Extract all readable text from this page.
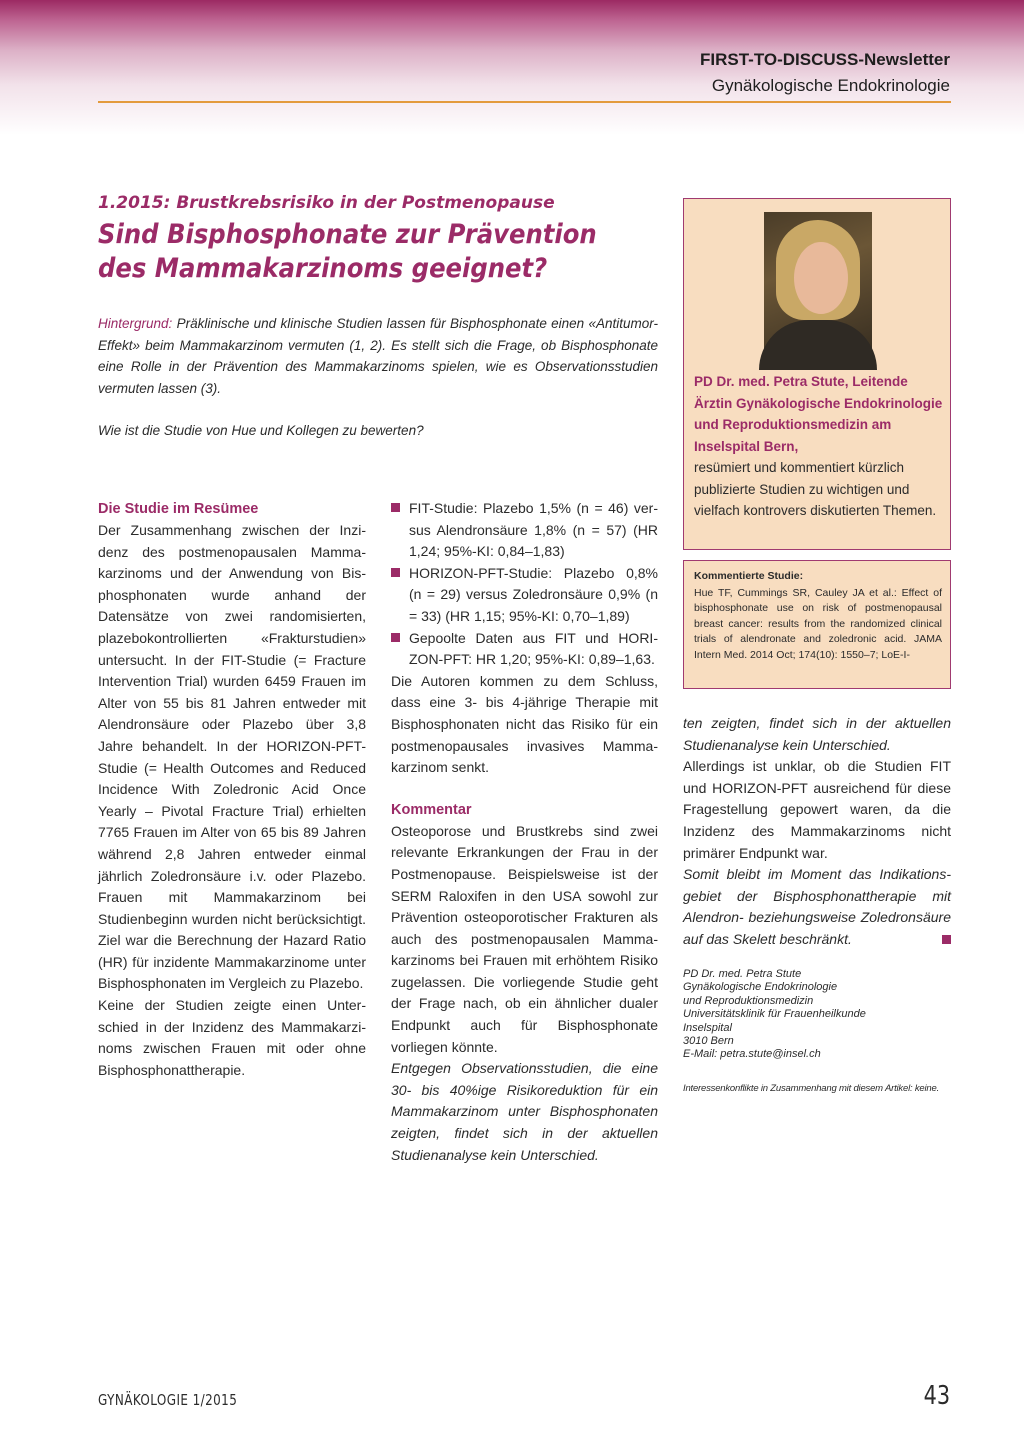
FIRST-TO-DISCUSS-Newsletter
Gynäkologische Endokrinologie
1.2015: Brustkrebsrisiko in der Postmenopause
Sind Bisphosphonate zur Prävention
des Mammakarzinoms geeignet?
Hintergrund: Präklinische und klinische Studien lassen für Bisphosphonate einen «Antitumor-Effekt» beim Mammakarzinom vermuten (1, 2). Es stellt sich die Frage, ob Bisphosphonate eine Rolle in der Prävention des Mammakarzinoms spielen, wie es Observationsstudien vermuten lassen (3).
Wie ist die Studie von Hue und Kollegen zu bewerten?
Die Studie im Resümee

Der Zusammenhang zwischen der Inzidenz des postmenopausalen Mammakarzinoms und der Anwendung von Bisphosphonaten wurde anhand der Datensätze von zwei randomisierten, plazebokontrollierten «Frakturstudien» untersucht. In der FIT-Studie (= Fracture Intervention Trial) wurden 6459 Frauen im Alter von 55 bis 81 Jahren entweder mit Alendronsäure oder Plazebo über 3,8 Jahre behandelt. In der HORIZON-PFT-Studie (= Health Outcomes and Reduced Incidence With Zoledronic Acid Once Yearly – Pivotal Fracture Trial) erhielten 7765 Frauen im Alter von 65 bis 89 Jahren während 2,8 Jahren entweder einmal jährlich Zoledronsäure i.v. oder Plazebo. Frauen mit Mammakarzinom bei Studienbeginn wurden nicht berücksichtigt. Ziel war die Berechnung der Hazard Ratio (HR) für inzidente Mammakarzinome unter Bisphosphonaten im Vergleich zu Plazebo.

Keine der Studien zeigte einen Unterschied in der Inzidenz des Mammakarzinoms zwischen Frauen mit oder ohne Bisphosphonattherapie.

FIT-Studie: Plazebo 1,5% (n = 46) versus Alendronsäure 1,8% (n = 57) (HR 1,24; 95%-KI: 0,84–1,83)
HORIZON-PFT-Studie: Plazebo 0,8% (n = 29) versus Zoledronsäure 0,9% (n = 33) (HR 1,15; 95%-KI: 0,70–1,89)
Gepoolte Daten aus FIT und HORIZON-PFT: HR 1,20; 95%-KI: 0,89–1,63.

Die Autoren kommen zu dem Schluss, dass eine 3- bis 4-jährige Therapie mit Bisphosphonaten nicht das Risiko für ein postmenopausales invasives Mammakarzinom senkt.

Kommentar

Osteoporose und Brustkrebs sind zwei relevante Erkrankungen der Frau in der Postmenopause. Beispielsweise ist der SERM Raloxifen in den USA sowohl zur Prävention osteoporotischer Frakturen als auch des postmenopausalen Mammakarzinoms bei Frauen mit erhöhtem Risiko zugelassen. Die vorliegende Studie geht der Frage nach, ob ein ähnlicher dualer Endpunkt auch für Bisphosphonate vorliegen könnte.

Entgegen Observationsstudien, die eine 30- bis 40%ige Risikoreduktion für ein Mammakarzinom unter Bisphosphonaten zeigten, findet sich in der aktuellen Studienanalyse kein Unterschied.

PD Dr. med. Petra Stute, Leitende Ärztin Gynäkologische Endokrinologie und Reproduktionsmedizin am Inselspital Bern,
resümiert und kommentiert kürzlich publizierte Studien zu wichtigen und vielfach kontrovers diskutierten Themen.
Kommentierte Studie:
Hue TF, Cummings SR, Cauley JA et al.: Effect of bisphosphonate use on risk of postmenopausal breast cancer: results from the randomized clinical trials of alendronate and zoledronic acid. JAMA Intern Med. 2014 Oct; 174(10): 1550–7; LoE-I-

ten zeigten, findet sich in der aktuellen Studienanalyse kein Unterschied.

Allerdings ist unklar, ob die Studien FIT und HORIZON-PFT ausreichend für diese Fragestellung gepowert waren, da die Inzidenz des Mammakarzinoms nicht primärer Endpunkt war.

Somit bleibt im Moment das Indikationsgebiet der Bisphosphonattherapie mit Alendron- beziehungsweise Zoledronsäure auf das Skelett beschränkt.

PD Dr. med. Petra Stute
Gynäkologische Endokrinologie
und Reproduktionsmedizin
Universitätsklinik für Frauenheilkunde
Inselspital
3010 Bern
E-Mail: petra.stute@insel.ch
Interessenkonflikte in Zusammenhang mit diesem Artikel: keine.
GYNÄKOLOGIE 1/2015	43
